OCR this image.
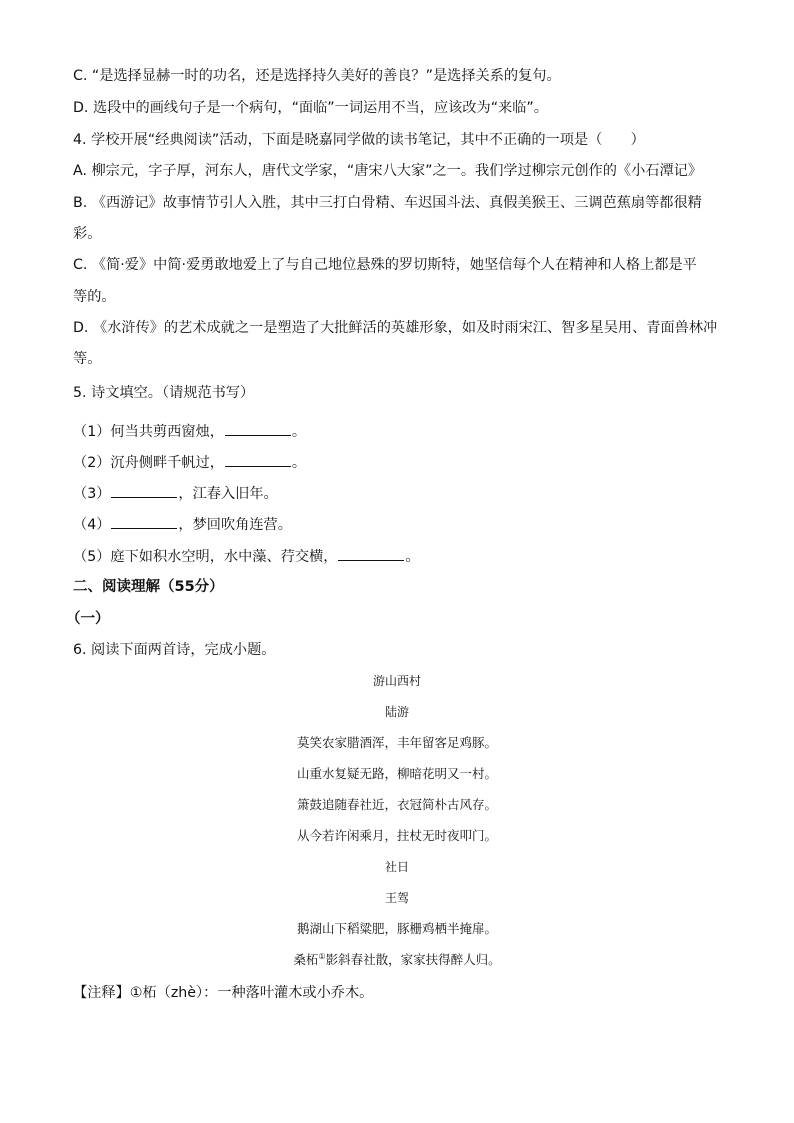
C. “是选择显赫一时的功名，还是选择持久美好的善良？”是选择关系的复句。
D. 选段中的画线句子是一个病句，“面临”一词运用不当，应该改为“来临”。
4. 学校开展“经典阅读”活动，下面是晓嘉同学做的读书笔记，其中不正确的一项是（　　）
A. 柳宗元，字子厚，河东人，唐代文学家，“唐宋八大家”之一。我们学过柳宗元创作的《小石潭记》
B. 《西游记》故事情节引人入胜，其中三打白骨精、车迟国斗法、真假美猴王、三调芭蕉扇等都很精
彩。
C. 《简·爱》中简·爱勇敢地爱上了与自己地位悬殊的罗切斯特，她坚信每个人在精神和人格上都是平
等的。
D. 《水浒传》的艺术成就之一是塑造了大批鲜活的英雄形象，如及时雨宋江、智多星吴用、青面兽林冲
等。
5. 诗文填空。（请规范书写）
（1）何当共剪西窗烛，	。
（2）沉舟侧畔千帆过，	。
（3）	，江春入旧年。
（4）	，梦回吹角连营。
（5）庭下如积水空明，水中藻、荇交横，	。
二、阅读理解（55分）
（一）
6. 阅读下面两首诗，完成小题。
游山西村
陆游
莫笑农家腊酒浑，丰年留客足鸡豚。
山重水复疑无路，柳暗花明又一村。
箫鼓追随春社近，衣冠简朴古风存。
从今若许闲乘月，拄杖无时夜叩门。
社日
王驾
鹅湖山下稻粱肥，豚栅鸡栖半掩扉。
桑柘①影斜春社散，家家扶得醉人归。
【注释】①柘（zhè）：一种落叶灌木或小乔木。
